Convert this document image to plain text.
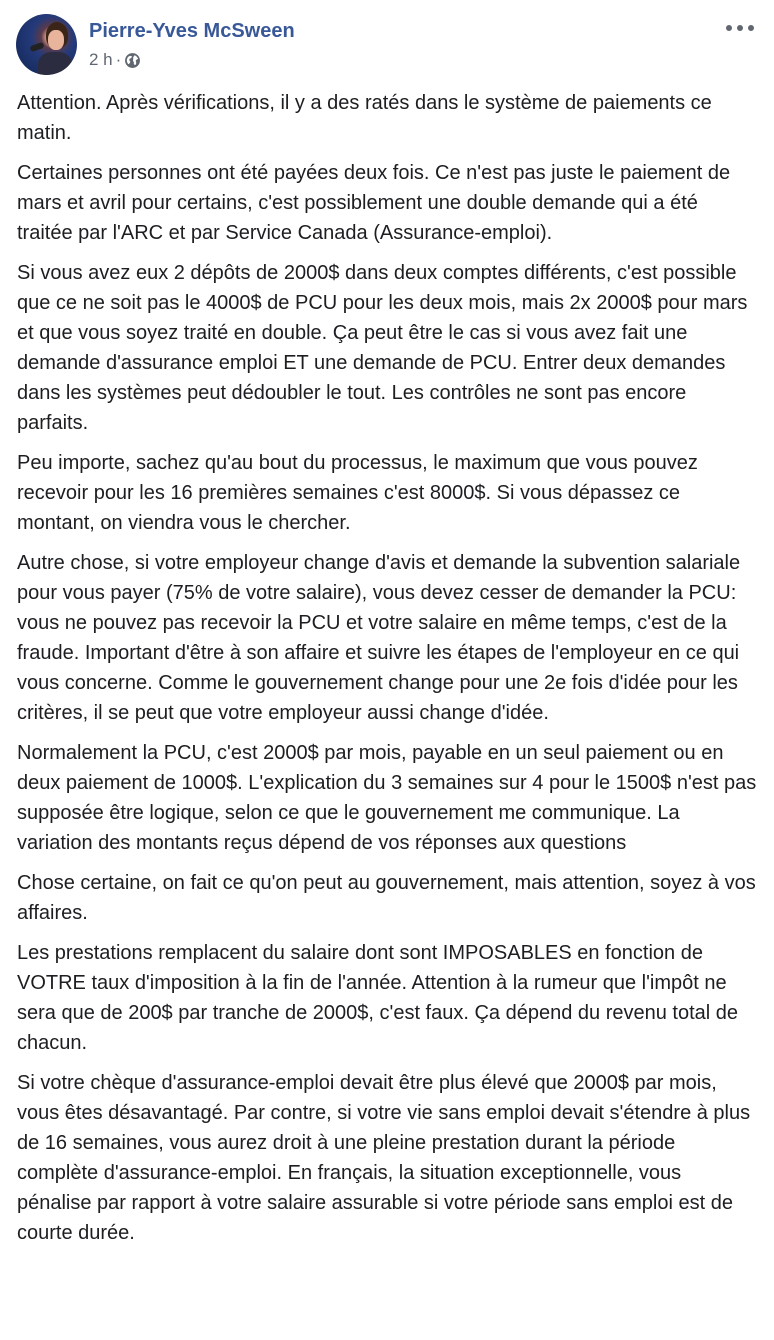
Pierre-Yves McSween
2 h ·

Attention. Après vérifications, il y a des ratés dans le système de paiements ce matin.

Certaines personnes ont été payées deux fois. Ce n'est pas juste le paiement de mars et avril pour certains, c'est possiblement une double demande qui a été traitée par l'ARC et par Service Canada (Assurance-emploi).

Si vous avez eux 2 dépôts de 2000$ dans deux comptes différents, c'est possible que ce ne soit pas le 4000$ de PCU pour les deux mois, mais 2x 2000$ pour mars et que vous soyez traité en double. Ça peut être le cas si vous avez fait une demande d'assurance emploi ET une demande de PCU. Entrer deux demandes dans les systèmes peut dédoubler le tout. Les contrôles ne sont pas encore parfaits.

Peu importe, sachez qu'au bout du processus, le maximum que vous pouvez recevoir pour les 16 premières semaines c'est 8000$. Si vous dépassez ce montant, on viendra vous le chercher.

Autre chose, si votre employeur change d'avis et demande la subvention salariale pour vous payer (75% de votre salaire), vous devez cesser de demander la PCU: vous ne pouvez pas recevoir la PCU et votre salaire en même temps, c'est de la fraude. Important d'être à son affaire et suivre les étapes de l'employeur en ce qui vous concerne. Comme le gouvernement change pour une 2e fois d'idée pour les critères, il se peut que votre employeur aussi change d'idée.

Normalement la PCU, c'est 2000$ par mois, payable en un seul paiement ou en deux paiement de 1000$. L'explication du 3 semaines sur 4 pour le 1500$ n'est pas supposée être logique, selon ce que le gouvernement me communique. La variation des montants reçus dépend de vos réponses aux questions

Chose certaine, on fait ce qu'on peut au gouvernement, mais attention, soyez à vos affaires.

Les prestations remplacent du salaire dont sont IMPOSABLES en fonction de VOTRE taux d'imposition à la fin de l'année. Attention à la rumeur que l'impôt ne sera que de 200$ par tranche de 2000$, c'est faux. Ça dépend du revenu total de chacun.

Si votre chèque d'assurance-emploi devait être plus élevé que 2000$ par mois, vous êtes désavantagé. Par contre, si votre vie sans emploi devait s'étendre à plus de 16 semaines, vous aurez droit à une pleine prestation durant la période complète d'assurance-emploi. En français, la situation exceptionnelle, vous pénalise par rapport à votre salaire assurable si votre période sans emploi est de courte durée.
